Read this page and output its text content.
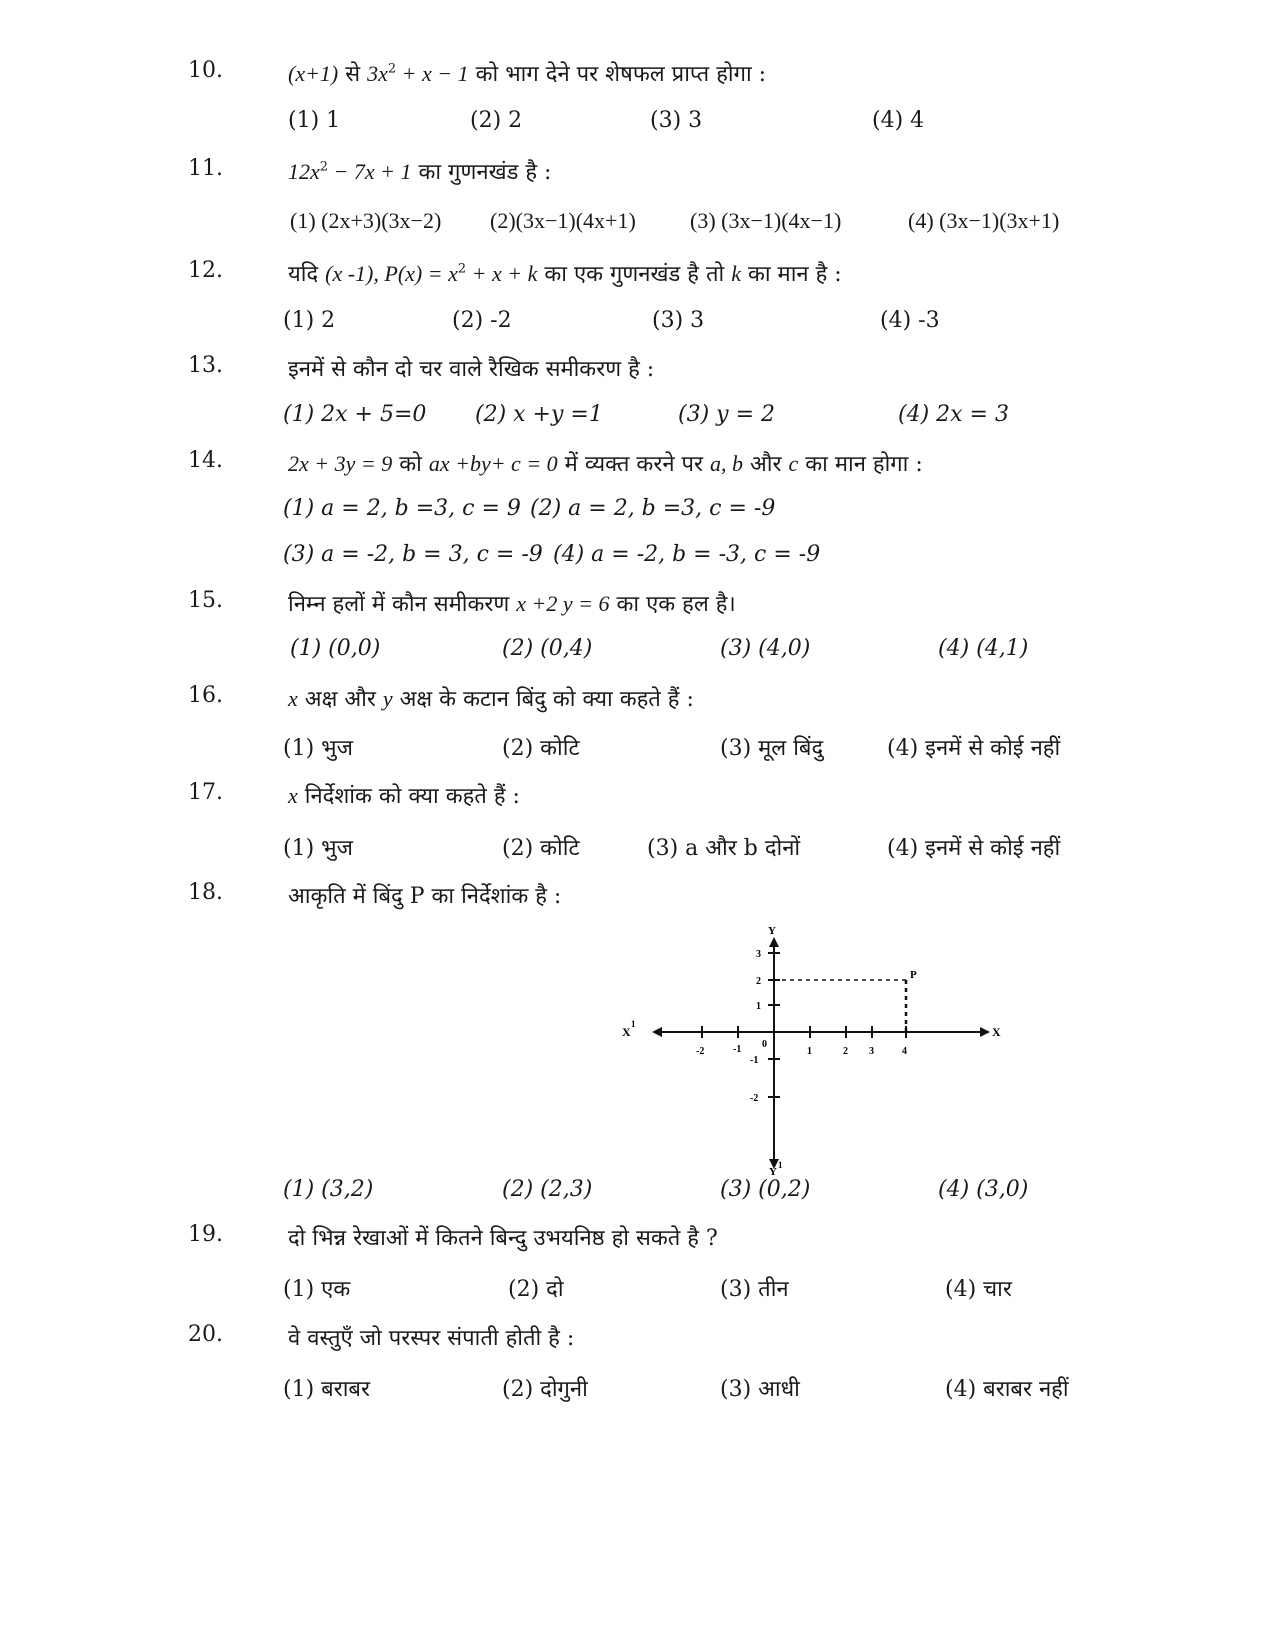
10.	(x+1) से $3x^2 + x - 1$ को भाग देने पर शेषफल प्राप्त होगा :
(1) 1	(2) 2	(3) 3	(4) 4
11.	$12x^2 - 7x + 1$ का गुणनखंड है :
(1) (2x+3)(3x−2) (2)(3x−1)(4x+1) (3) (3x−1)(4x−1)	(4) (3x−1)(3x+1)
12.	यदि (x -1), $P(x) = x^2 + x + k$ का एक गुणनखंड है तो k का मान है :
(1) 2	(2) -2	(3) 3	(4) -3
13.	इनमें से कौन दो चर वाले रैखिक समीकरण है :
(1) 2x + 5=0 (2) x +y =1	(3) y = 2	(4) 2x = 3
14.	2x + 3y = 9 को ax +by+ c = 0 में व्यक्त करने पर a, b और c का मान होगा :
(1) a = 2, b =3, c = 9 (2) a = 2, b =3, c = -9
(3) a = -2, b = 3, c = -9 (4) a = -2, b = -3, c = -9
15.	निम्न हलों में कौन समीकरण x +2 y = 6 का एक हल है।
(1) (0,0)	(2) (0,4)	(3) (4,0)	(4) (4,1)
16.	x अक्ष और y अक्ष के कटान बिंदु को क्या कहते हैं :
(1) भुज	(2) कोटि	(3) मूल बिंदु	(4) इनमें से कोई नहीं
17.	x निर्देशांक को क्या कहते हैं :
(1) भुज	(2) कोटि	(3) a और b दोनों	(4) इनमें से कोई नहीं
18.	आकृति में बिंदु P का निर्देशांक है :
P
X
X
1
Y
Y
1
0
-2	-1	1	2 3	4
3
2
1
-1
-2
(1) (3,2)	(2) (2,3)	(3) (0,2)	(4) (3,0)
19.	दो भिन्न रेखाओं में कितने बिन्दु उभयनिष्ठ हो सकते है ?
(1) एक	(2) दो	(3) तीन	(4) चार
20.	वे वस्तुएँ जो परस्पर संपाती होती है :
(1) बराबर	(2) दोगुनी	(3) आधी	(4) बराबर नहीं
